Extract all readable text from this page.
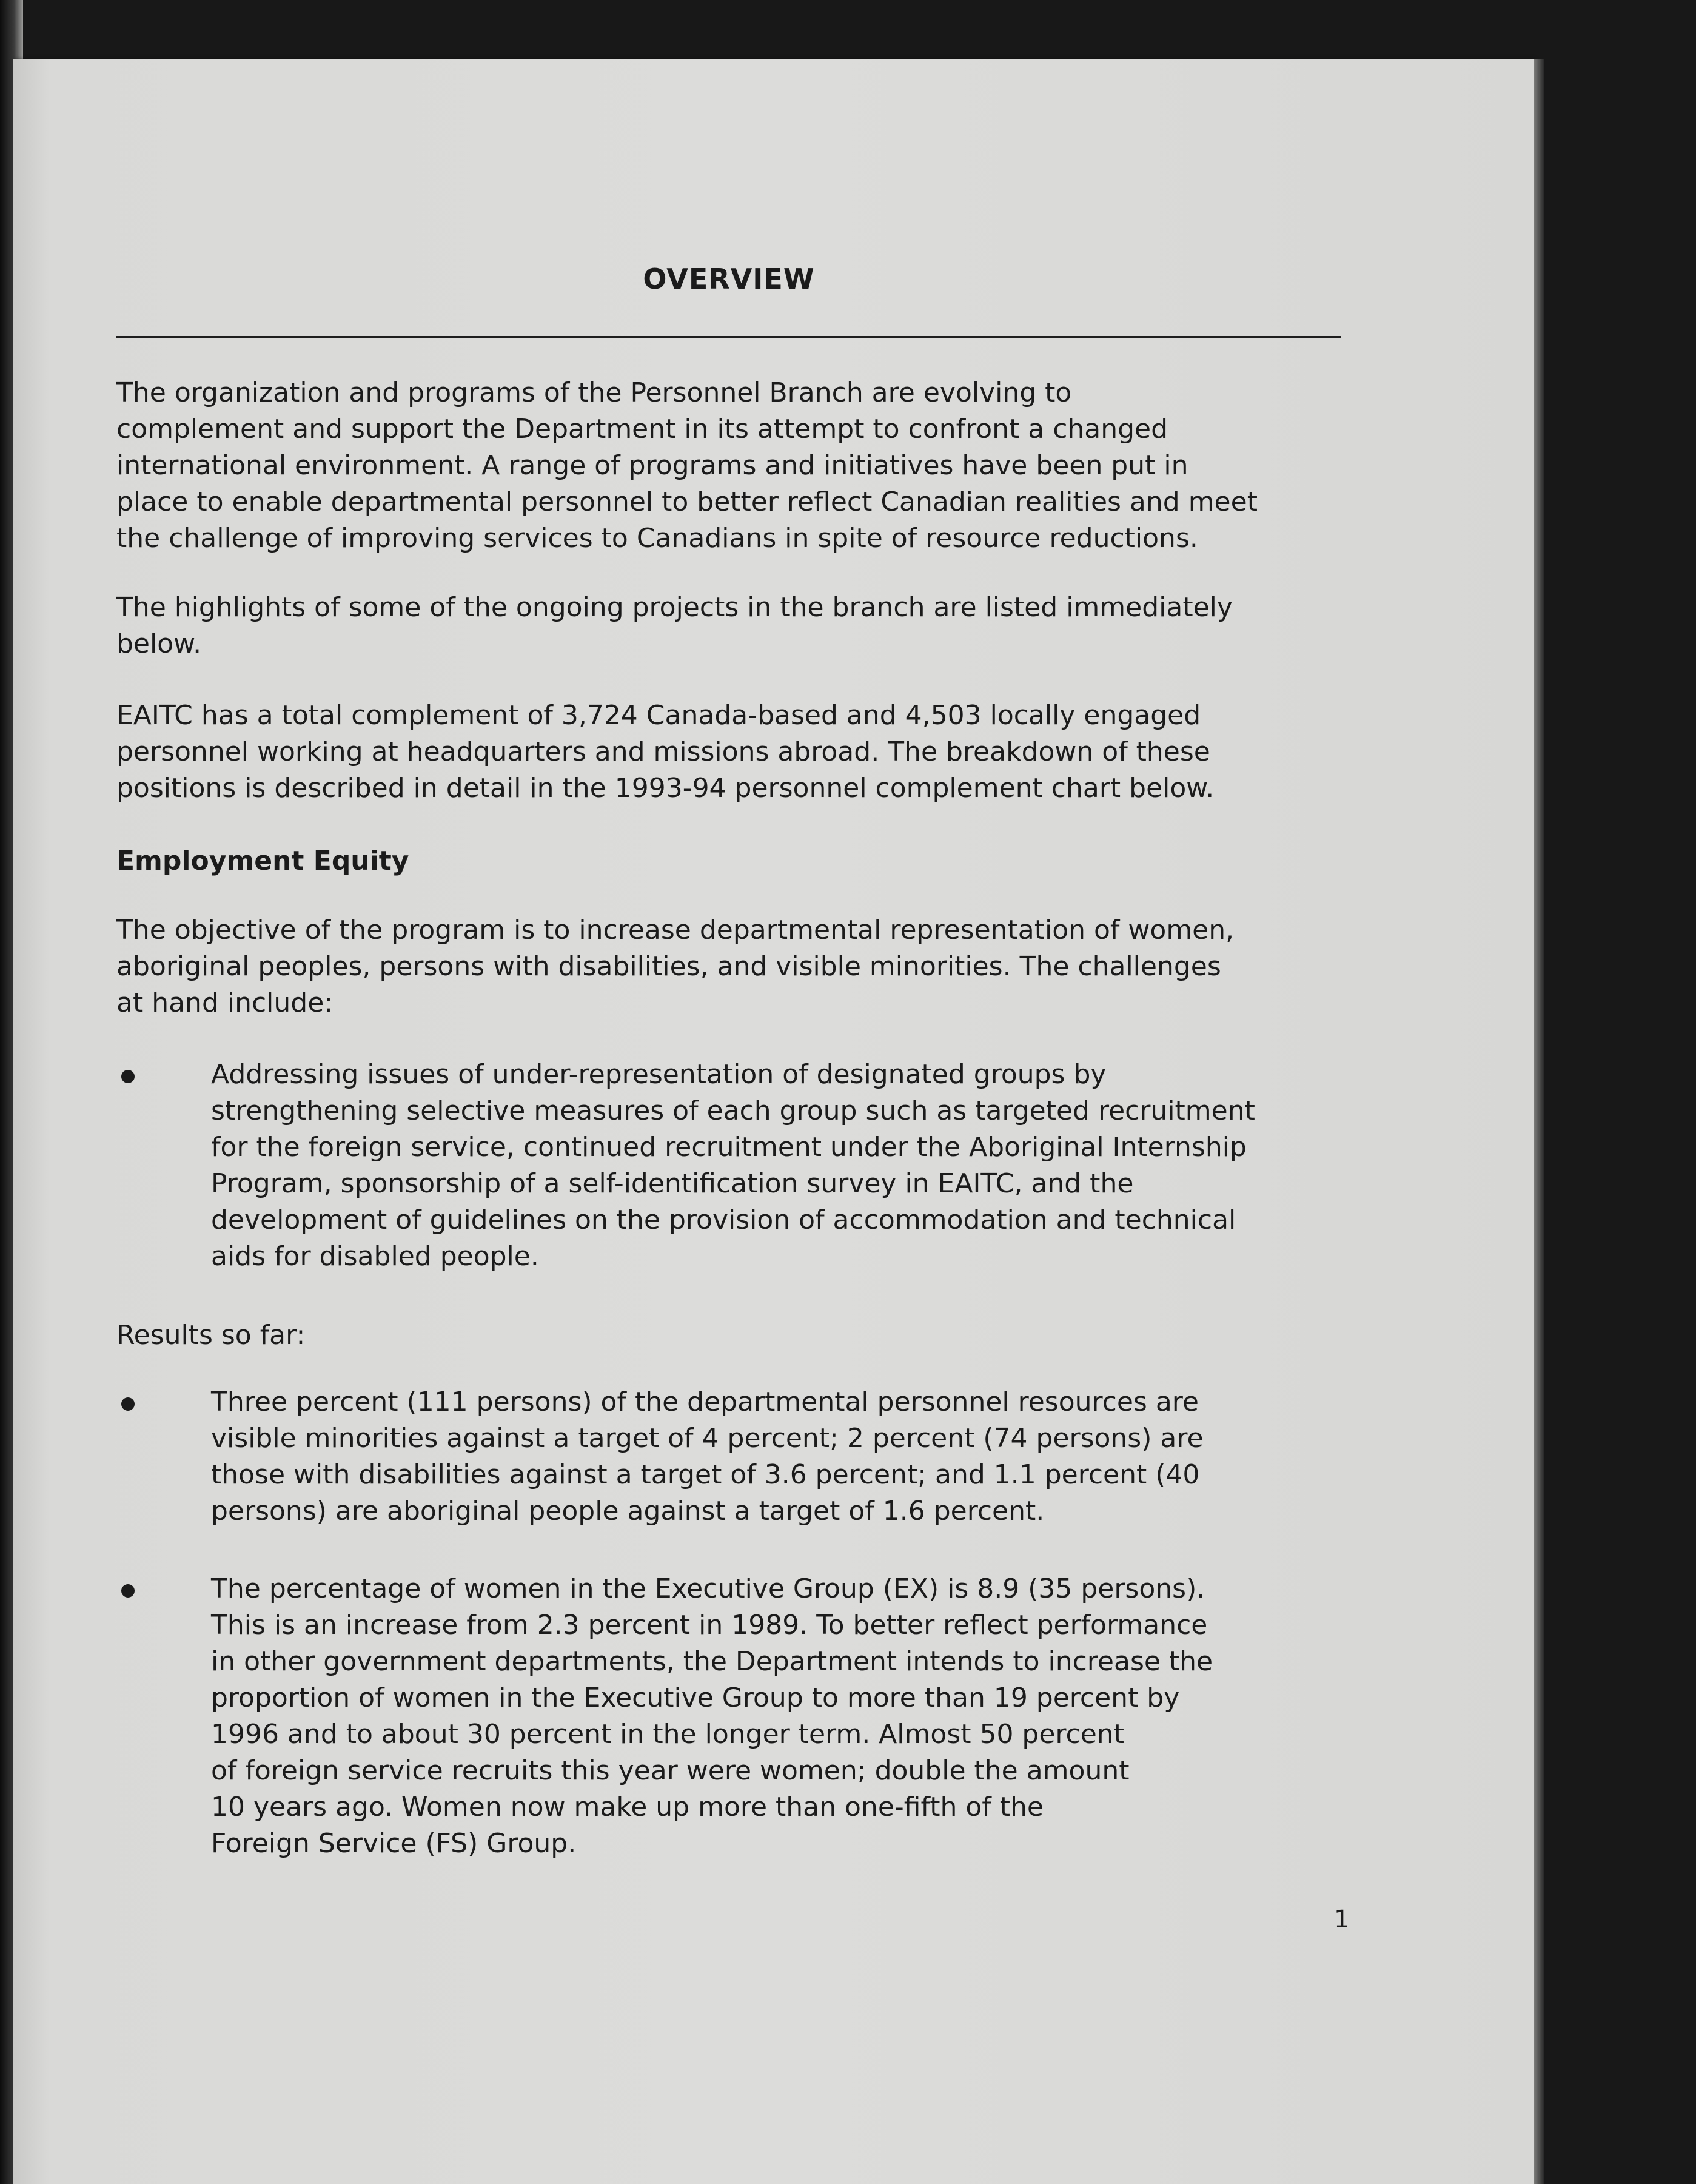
OVERVIEW
The organization and programs of the Personnel Branch are evolving to
complement and support the Department in its attempt to confront a changed
international environment. A range of programs and initiatives have been put in
place to enable departmental personnel to better reflect Canadian realities and meet
the challenge of improving services to Canadians in spite of resource reductions.
The highlights of some of the ongoing projects in the branch are listed immediately
below.
EAITC has a total complement of 3,724 Canada-based and 4,503 locally engaged
personnel working at headquarters and missions abroad. The breakdown of these
positions is described in detail in the 1993-94 personnel complement chart below.
Employment Equity
The objective of the program is to increase departmental representation of women,
aboriginal peoples, persons with disabilities, and visible minorities. The challenges
at hand include:
Addressing issues of under-representation of designated groups by
strengthening selective measures of each group such as targeted recruitment
for the foreign service, continued recruitment under the Aboriginal Internship
Program, sponsorship of a self-identification survey in EAITC, and the
development of guidelines on the provision of accommodation and technical
aids for disabled people.
Results so far:
Three percent (111 persons) of the departmental personnel resources are
visible minorities against a target of 4 percent; 2 percent (74 persons) are
those with disabilities against a target of 3.6 percent; and 1.1 percent (40
persons) are aboriginal people against a target of 1.6 percent.
The percentage of women in the Executive Group (EX) is 8.9 (35 persons).
This is an increase from 2.3 percent in 1989. To better reflect performance
in other government departments, the Department intends to increase the
proportion of women in the Executive Group to more than 19 percent by
1996 and to about 30 percent in the longer term. Almost 50 percent
of foreign service recruits this year were women; double the amount
10 years ago. Women now make up more than one-fifth of the
Foreign Service (FS) Group.
1
